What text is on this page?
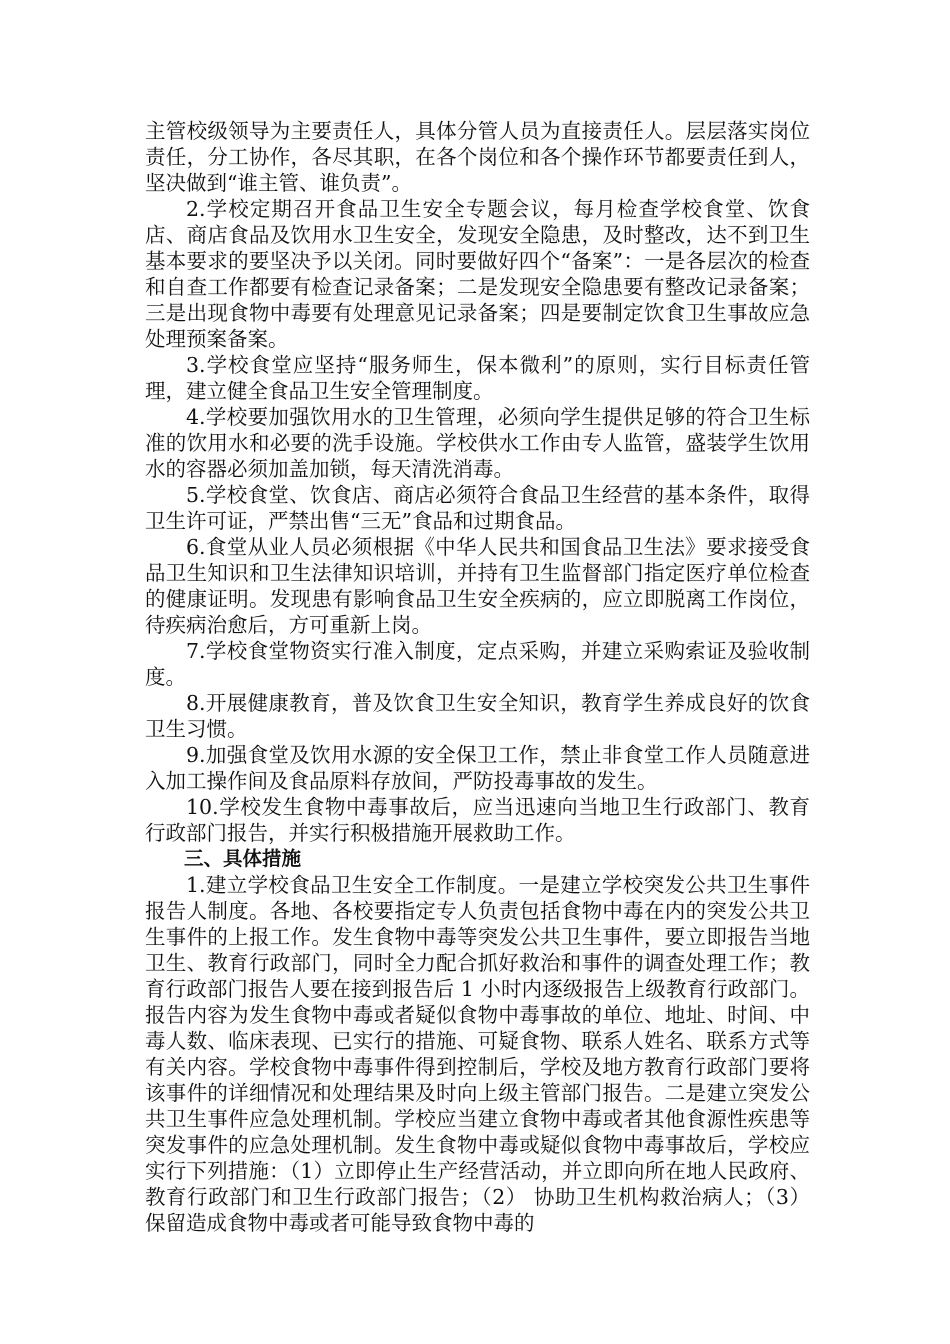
主管校级领导为主要责任人，具体分管人员为直接责任人。层层落实岗位责任，分工协作，各尽其职，在各个岗位和各个操作环节都要责任到人，坚决做到“谁主管、谁负责”。

2.学校定期召开食品卫生安全专题会议，每月检查学校食堂、饮食店、商店食品及饮用水卫生安全，发现安全隐患，及时整改，达不到卫生基本要求的要坚决予以关闭。同时要做好四个“备案”：一是各层次的检查和自查工作都要有检查记录备案；二是发现安全隐患要有整改记录备案；三是出现食物中毒要有处理意见记录备案；四是要制定饮食卫生事故应急处理预案备案。

3.学校食堂应坚持“服务师生，保本微利”的原则，实行目标责任管理，建立健全食品卫生安全管理制度。

4.学校要加强饮用水的卫生管理，必须向学生提供足够的符合卫生标准的饮用水和必要的洗手设施。学校供水工作由专人监管，盛装学生饮用水的容器必须加盖加锁，每天清洗消毒。

5.学校食堂、饮食店、商店必须符合食品卫生经营的基本条件，取得卫生许可证，严禁出售“三无”食品和过期食品。

6.食堂从业人员必须根据《中华人民共和国食品卫生法》要求接受食品卫生知识和卫生法律知识培训，并持有卫生监督部门指定医疗单位检查的健康证明。发现患有影响食品卫生安全疾病的，应立即脱离工作岗位，待疾病治愈后，方可重新上岗。

7.学校食堂物资实行准入制度，定点采购，并建立采购索证及验收制度。

8.开展健康教育，普及饮食卫生安全知识，教育学生养成良好的饮食卫生习惯。

9.加强食堂及饮用水源的安全保卫工作，禁止非食堂工作人员随意进入加工操作间及食品原料存放间，严防投毒事故的发生。

10.学校发生食物中毒事故后，应当迅速向当地卫生行政部门、教育行政部门报告，并实行积极措施开展救助工作。

三、具体措施

1.建立学校食品卫生安全工作制度。一是建立学校突发公共卫生事件报告人制度。各地、各校要指定专人负责包括食物中毒在内的突发公共卫生事件的上报工作。发生食物中毒等突发公共卫生事件，要立即报告当地卫生、教育行政部门，同时全力配合抓好救治和事件的调查处理工作；教育行政部门报告人要在接到报告后 1 小时内逐级报告上级教育行政部门。报告内容为发生食物中毒或者疑似食物中毒事故的单位、地址、时间、中毒人数、临床表现、已实行的措施、可疑食物、联系人姓名、联系方式等有关内容。学校食物中毒事件得到控制后，学校及地方教育行政部门要将该事件的详细情况和处理结果及时向上级主管部门报告。二是建立突发公共卫生事件应急处理机制。学校应当建立食物中毒或者其他食源性疾患等突发事件的应急处理机制。发生食物中毒或疑似食物中毒事故后，学校应实行下列措施：（1）立即停止生产经营活动，并立即向所在地人民政府、教育行政部门和卫生行政部门报告；（2） 协助卫生机构救治病人；（3） 保留造成食物中毒或者可能导致食物中毒的
